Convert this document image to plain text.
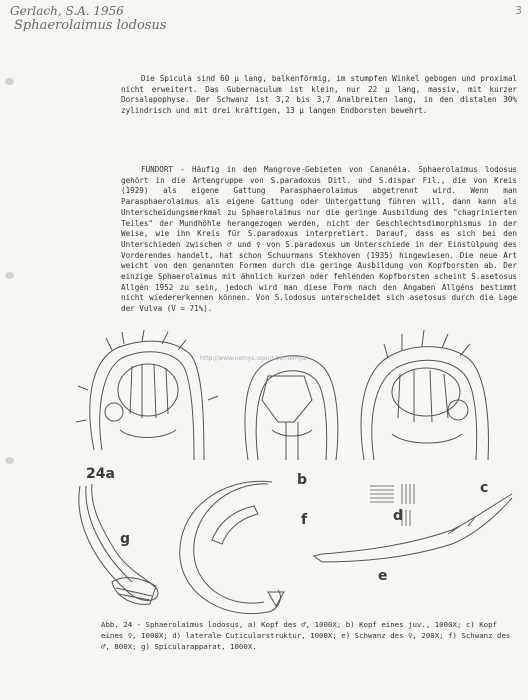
Gerlach, S.A. 1956
Sphaerolaimus lodosus
3

Die Spicula sind 60 µ lang, balkenförmig, im stumpfen Winkel gebogen und proximal nicht erweitert. Das Gubernaculum ist klein, nur 22 µ lang, massiv, mit kurzer Dorsalapophyse. Der Schwanz ist 3,2 bis 3,7 Analbreiten lang, in den distalen 30% zylindrisch und mit drei kräftigen, 13 µ langen Endborsten bewehrt.

FUNDORT - Häufig in den Mangrove-Gebieten von Cananéia. Sphaerolaimus lodosus gehört in die Artengruppe von S.paradoxus Ditl. und S.dispar Fil., die von Kreis (1929) als eigene Gattung Parasphaerolaimus abgetrennt wird. Wenn man Parasphaerolaimus als eigene Gattung oder Untergattung führen will, dann kann als Unterscheidungsmerkmal zu Sphaerolaimus nur die geringe Ausbildung des "chagrinierten Teiles" der Mundhöhle herangezogen werden, nicht der Geschlechtsdimorphismus in der Weise, wie ihn Kreis für S.paradoxus interpretiert. Darauf, dass es sich bei den Unterschieden zwischen ♂ und ♀ von S.paradoxus um Unterschiede in der Einstülpung des Vorderendes handelt, hat schon Schuurmans Stekhoven (1935) hingewiesen. Die neue Art weicht von den genannten Formen durch die geringe Ausbildung von Kopfborsten ab. Der einzige Sphaerolaimus mit ähnlich kurzen oder fehlenden Kopfborsten scheint S.asetosus Allgén 1952 zu sein, jedoch wird man diese Form nach den Angaben Allgéns bestimmt nicht wiedererkennen können. Von S.lodosus unterscheidet sich asetosus durch die Lage der Vulva (V = 71%).

http://www.nemys.ugent.be/nemys/
24a	b	c
d
e
f
g
Abb. 24 - Sphaerolaimus lodosus, a) Kopf des ♂, 1000X; b) Kopf eines juv., 1000X; c) Kopf eines ♀, 1000X; d) laterale Cuticularstruktur, 1000X; e) Schwanz des ♀, 200X; f) Schwanz des ♂, 800X; g) Spicularapparat, 1000X.
